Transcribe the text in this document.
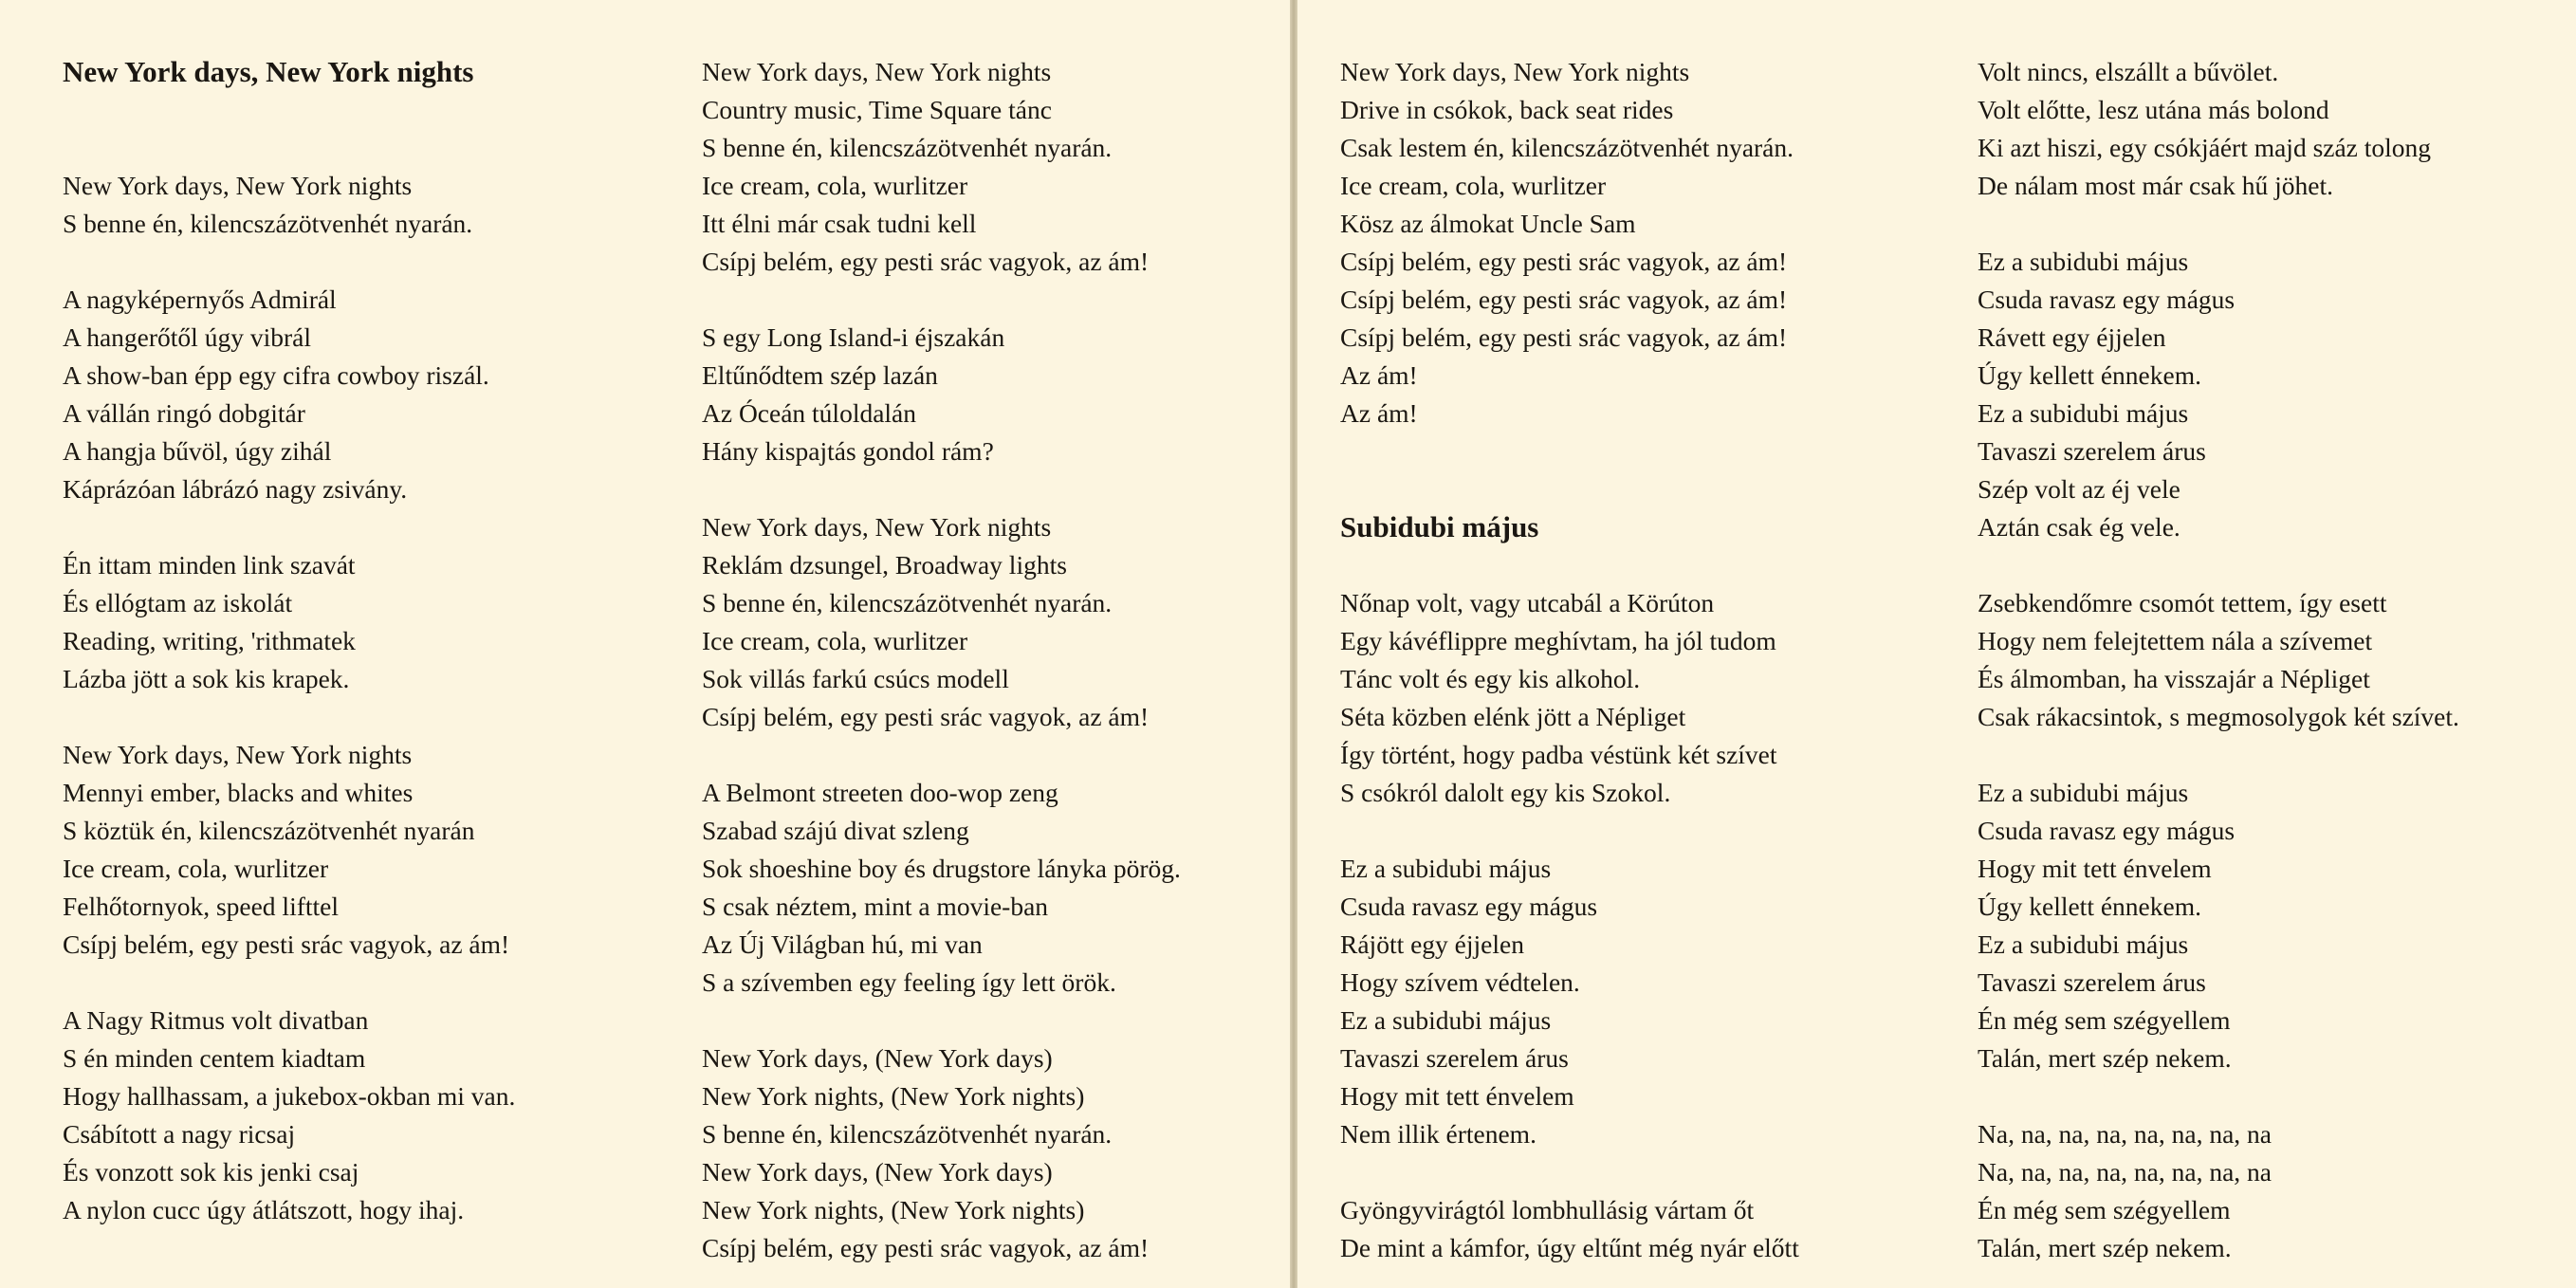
New York days, New York nights
New York days, New York nights
S benne én, kilencszázötvenhét nyarán.
A nagyképernyős Admirál
A hangerőtől úgy vibrál
A show-ban épp egy cifra cowboy riszál.
A vállán ringó dobgitár
A hangja bűvöl, úgy zihál
Káprázóan lábrázó nagy zsivány.
Én ittam minden link szavát
És ellógtam az iskolát
Reading, writing, 'rithmatek
Lázba jött a sok kis krapek.
New York days, New York nights
Mennyi ember, blacks and whites
S köztük én, kilencszázötvenhét nyarán
Ice cream, cola, wurlitzer
Felhőtornyok, speed lifttel
Csípj belém, egy pesti srác vagyok, az ám!
A Nagy Ritmus volt divatban
S én minden centem kiadtam
Hogy hallhassam, a jukebox-okban mi van.
Csábított a nagy ricsaj
És vonzott sok kis jenki csaj
A nylon cucc úgy átlátszott, hogy ihaj.
New York days, New York nights
Country music, Time Square tánc
S benne én, kilencszázötvenhét nyarán.
Ice cream, cola, wurlitzer
Itt élni már csak tudni kell
Csípj belém, egy pesti srác vagyok, az ám!
S egy Long Island-i éjszakán
Eltűnődtem szép lazán
Az Óceán túloldalán
Hány kispajtás gondol rám?
New York days, New York nights
Reklám dzsungel, Broadway lights
S benne én, kilencszázötvenhét nyarán.
Ice cream, cola, wurlitzer
Sok villás farkú csúcs modell
Csípj belém, egy pesti srác vagyok, az ám!
A Belmont streeten doo-wop zeng
Szabad szájú divat szleng
Sok shoeshine boy és drugstore lányka pörög.
S csak néztem, mint a movie-ban
Az Új Világban hú, mi van
S a szívemben egy feeling így lett örök.
New York days, (New York days)
New York nights, (New York nights)
S benne én, kilencszázötvenhét nyarán.
New York days, (New York days)
New York nights, (New York nights)
Csípj belém, egy pesti srác vagyok, az ám!
New York days, New York nights
Drive in csókok, back seat rides
Csak lestem én, kilencszázötvenhét nyarán.
Ice cream, cola, wurlitzer
Kösz az álmokat Uncle Sam
Csípj belém, egy pesti srác vagyok, az ám!
Csípj belém, egy pesti srác vagyok, az ám!
Csípj belém, egy pesti srác vagyok, az ám!
Az ám!
Az ám!
Subidubi május
Nőnap volt, vagy utcabál a Körúton
Egy kávéflippre meghívtam, ha jól tudom
Tánc volt és egy kis alkohol.
Séta közben elénk jött a Népliget
Így történt, hogy padba véstünk két szívet
S csókról dalolt egy kis Szokol.
Ez a subidubi május
Csuda ravasz egy mágus
Rájött egy éjjelen
Hogy szívem védtelen.
Ez a subidubi május
Tavaszi szerelem árus
Hogy mit tett énvelem
Nem illik értenem.
Gyöngyvirágtól lombhullásig vártam őt
De mint a kámfor, úgy eltűnt még nyár előtt
Volt nincs, elszállt a bűvölet.
Volt előtte, lesz utána más bolond
Ki azt hiszi, egy csókjáért majd száz tolong
De nálam most már csak hű jöhet.
Ez a subidubi május
Csuda ravasz egy mágus
Rávett egy éjjelen
Úgy kellett énnekem.
Ez a subidubi május
Tavaszi szerelem árus
Szép volt az éj vele
Aztán csak ég vele.
Zsebkendőmre csomót tettem, így esett
Hogy nem felejtettem nála a szívemet
És álmomban, ha visszajár a Népliget
Csak rákacsintok, s megmosolygok két szívet.
Ez a subidubi május
Csuda ravasz egy mágus
Hogy mit tett énvelem
Úgy kellett énnekem.
Ez a subidubi május
Tavaszi szerelem árus
Én még sem szégyellem
Talán, mert szép nekem.
Na, na, na, na, na, na, na, na
Na, na, na, na, na, na, na, na
Én még sem szégyellem
Talán, mert szép nekem.
